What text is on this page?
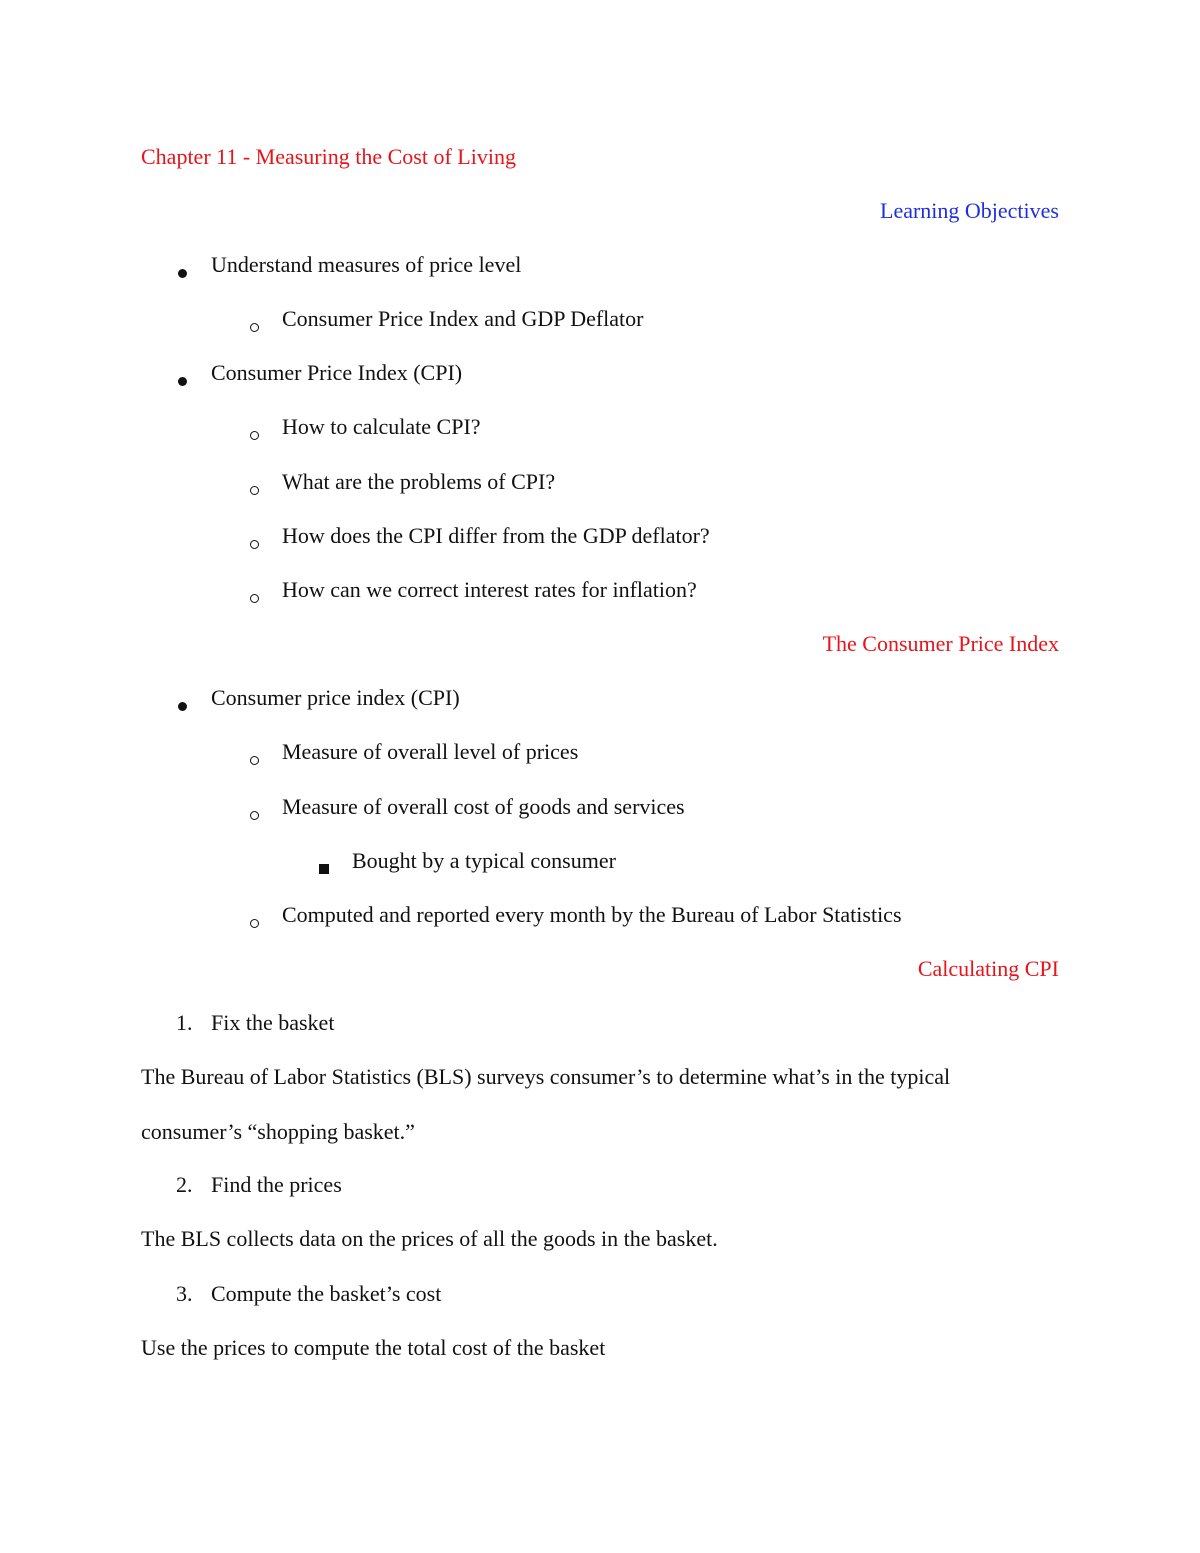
Chapter 11 - Measuring the Cost of Living
Learning Objectives
Understand measures of price level
Consumer Price Index and GDP Deflator
Consumer Price Index (CPI)
How to calculate CPI?
What are the problems of CPI?
How does the CPI differ from the GDP deflator?
How can we correct interest rates for inflation?
The Consumer Price Index
Consumer price index (CPI)
Measure of overall level of prices
Measure of overall cost of goods and services
Bought by a typical consumer
Computed and reported every month by the Bureau of Labor Statistics
Calculating CPI
1. Fix the basket
The Bureau of Labor Statistics (BLS) surveys consumer’s to determine what’s in the typical
consumer’s “shopping basket.”
2. Find the prices
The BLS collects data on the prices of all the goods in the basket.
3. Compute the basket’s cost
Use the prices to compute the total cost of the basket
